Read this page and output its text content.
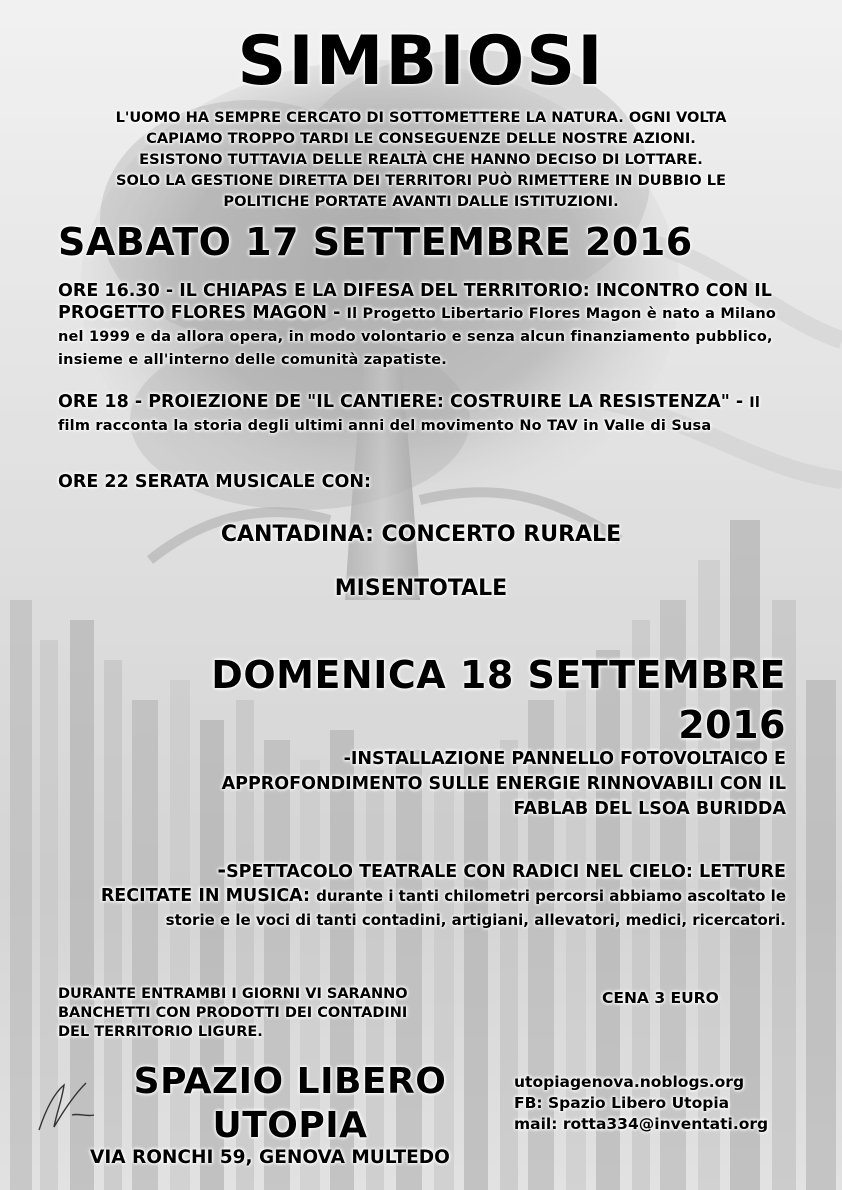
SIMBIOSI
L'UOMO HA SEMPRE CERCATO DI SOTTOMETTERE LA NATURA. OGNI VOLTA
CAPIAMO TROPPO TARDI LE CONSEGUENZE DELLE NOSTRE AZIONI.
ESISTONO TUTTAVIA DELLE REALTÀ CHE HANNO DECISO DI LOTTARE.
SOLO LA GESTIONE DIRETTA DEI TERRITORI PUÒ RIMETTERE IN DUBBIO LE
POLITICHE PORTATE AVANTI DALLE ISTITUZIONI.
SABATO 17 SETTEMBRE 2016
ORE 16.30 - IL CHIAPAS E LA DIFESA DEL TERRITORIO: INCONTRO CON IL PROGETTO FLORES MAGON - Il Progetto Libertario Flores Magon è nato a Milano nel 1999 e da allora opera, in modo volontario e senza alcun finanziamento pubblico, insieme e all'interno delle comunità zapatiste.
ORE 18 - PROIEZIONE DE "IL CANTIERE: COSTRUIRE LA RESISTENZA" - Il film racconta la storia degli ultimi anni del movimento No TAV in Valle di Susa
ORE 22 SERATA MUSICALE CON:
CANTADINA: CONCERTO RURALE
MISENTOTALE
DOMENICA 18 SETTEMBRE
2016
-INSTALLAZIONE PANNELLO FOTOVOLTAICO E
APPROFONDIMENTO SULLE ENERGIE RINNOVABILI CON IL
FABLAB DEL LSOA BURIDDA
-SPETTACOLO TEATRALE CON RADICI NEL CIELO: LETTURE
RECITATE IN MUSICA: durante i tanti chilometri percorsi abbiamo ascoltato le storie e le voci di tanti contadini, artigiani, allevatori, medici, ricercatori.
DURANTE ENTRAMBI I GIORNI VI SARANNO
BANCHETTI CON PRODOTTI DEI CONTADINI
DEL TERRITORIO LIGURE.
CENA 3 EURO
SPAZIO LIBERO
UTOPIA
VIA RONCHI 59, GENOVA MULTEDO
utopiagenova.noblogs.org
FB: Spazio Libero Utopia
mail: rotta334@inventati.org
